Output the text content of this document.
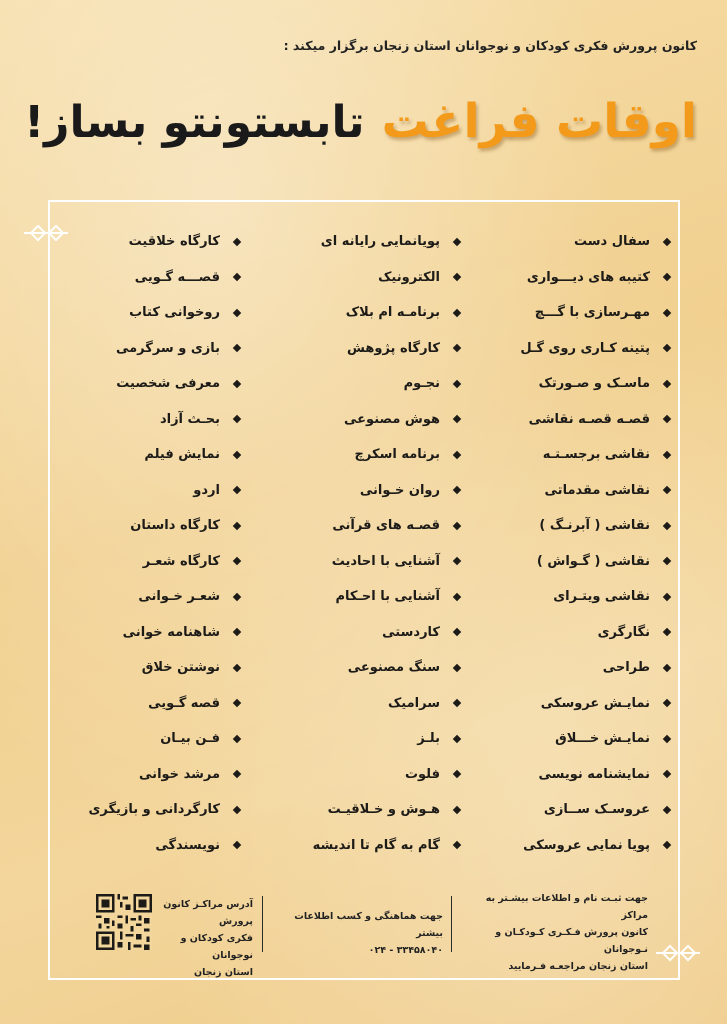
کانون پرورش فکری کودکان و نوجوانان استان زنجان برگزار میکند :
اوقات فراغت تابستونتو بساز!
سفال دست
کتیبه های دیـــواری
مهـرسازی با گـــچ
پتینه کـاری روی گـل
ماسـک و صـورتک
قصـه قصـه نقاشی
نقاشی برجسـتـه
نقاشی مقدماتی
نقاشی ( آبرنـگ )
نقاشی ( گـواش )
نقاشی ویتـرای
نگارگری
طراحی
نمایـش عروسکی
نمایـش خـــلاق
نمایشنامه نویسی
عروسـک ســازی
پویا نمایی عروسکی
پویانمایی رایانه ای
الکترونیک
برنامـه ام بلاک
کارگاه پژوهش
نجـوم
هوش مصنوعی
برنامه اسکرچ
روان خـوانی
قصـه های قرآنی
آشنایی با احادیث
آشنایی با احـکام
کاردستی
سنگ مصنوعی
سرامیک
بلـز
فلوت
هـوش و خـلاقیـت
گام به گام تا اندیشه
کارگاه خلاقیت
قصـــه گـویی
روخوانی کتاب
بازی و سرگرمی
معرفی شخصیت
بحـث آزاد
نمایش فیلم
اردو
کارگاه داستان
کارگاه شعـر
شعـر خـوانی
شاهنامه خوانی
نوشتن خلاق
قصه گـویی
فـن بیـان
مرشد خوانی
کارگردانی و بازیگری
نویسندگی
جهت ثبـت نام و اطلاعات بیشـتر به مراکز
کانون پرورش فـکـری کـودکـان و نـوجوانان
استان زنجان مراجعـه فـرمایید
جهت هماهنگی و کسب اطلاعات بیشتر
۳۳۴۵۸۰۴۰ - ۰۲۴
آدرس مراکـز کانون پرورش
فکری کودکان و نوجوانان
استان زنجان
